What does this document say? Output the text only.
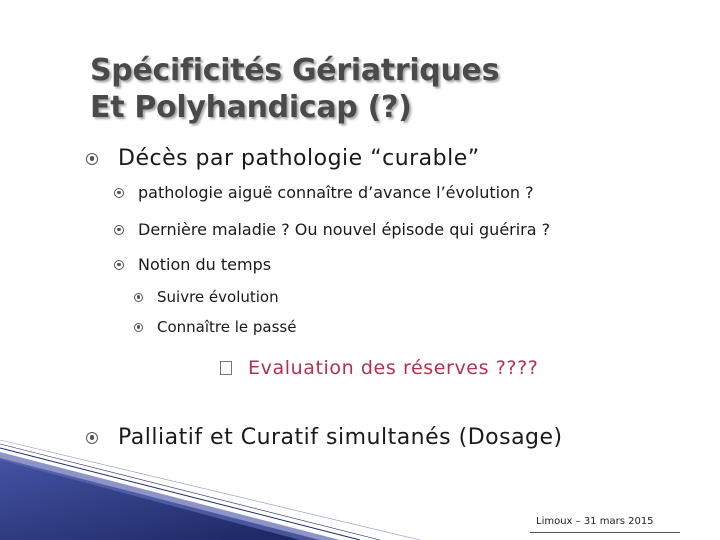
Spécificités Gériatriques
Et Polyhandicap (?)
Décès par pathologie “curable”
pathologie aiguë connaître d’avance l’évolution ?
Dernière maladie ? Ou nouvel épisode qui guérira ?
Notion du temps
Suivre évolution
Connaître le passé
Evaluation des réserves ????
Palliatif et Curatif simultanés (Dosage)
Limoux – 31 mars 2015
